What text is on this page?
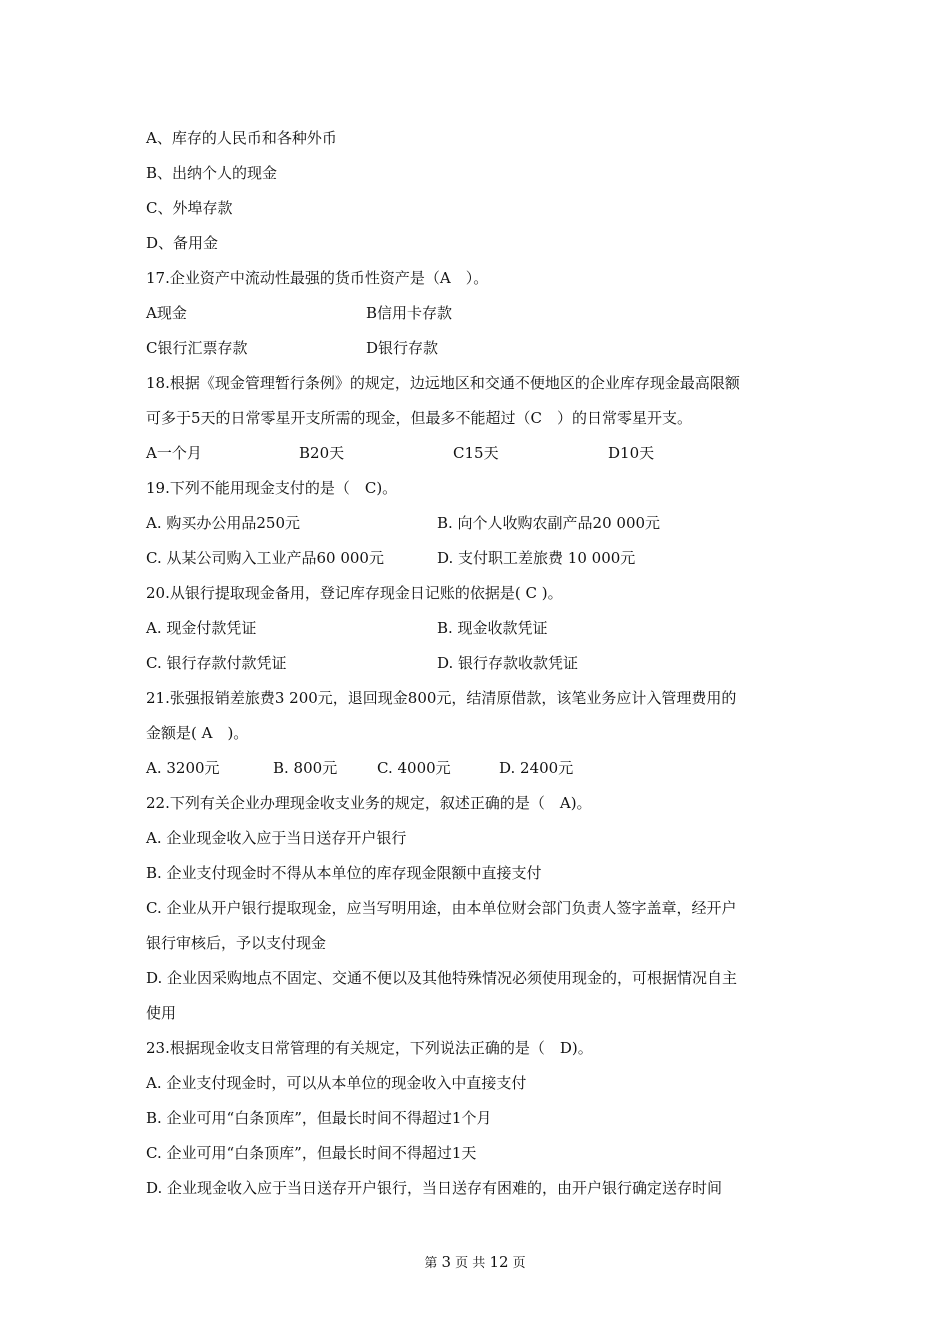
A、库存的人民币和各种外币
B、出纳个人的现金
C、外埠存款
D、备用金
17.企业资产中流动性最强的货币性资产是（A　）。

A现金

	B信用卡存款

C银行汇票存款

	D银行存款

18.根据《现金管理暂行条例》的规定，边远地区和交通不便地区的企业库存现金最高限额
可多于5天的日常零星开支所需的现金，但最多不能超过（C　）的日常零星开支。

A一个月

	B20天

	C15天

	D10天

19.下列不能用现金支付的是（　C)。

A. 购买办公用品250元

	B. 向个人收购农副产品20 000元

C. 从某公司购入工业产品60 000元

	D. 支付职工差旅费 10 000元

20.从银行提取现金备用，登记库存现金日记账的依据是( C )。

A. 现金付款凭证

	B. 现金收款凭证

C. 银行存款付款凭证

	D. 银行存款收款凭证

21.张强报销差旅费3 200元，退回现金800元，结清原借款，该笔业务应计入管理费用的
金额是( A　)。

A. 3200元

	B. 800元

	C. 4000元

	D. 2400元

22.下列有关企业办理现金收支业务的规定，叙述正确的是（　A)。
A. 企业现金收入应于当日送存开户银行
B. 企业支付现金时不得从本单位的库存现金限额中直接支付
C. 企业从开户银行提取现金，应当写明用途，由本单位财会部门负责人签字盖章，经开户
银行审核后，予以支付现金
D. 企业因采购地点不固定、交通不便以及其他特殊情况必须使用现金的，可根据情况自主
使用
23.根据现金收支日常管理的有关规定，下列说法正确的是（　D)。
A. 企业支付现金时，可以从本单位的现金收入中直接支付
B. 企业可用“白条顶库”，但最长时间不得超过1个月
C. 企业可用“白条顶库”，但最长时间不得超过1天
D. 企业现金收入应于当日送存开户银行，当日送存有困难的，由开户银行确定送存时间
第 3 页 共 12 页
